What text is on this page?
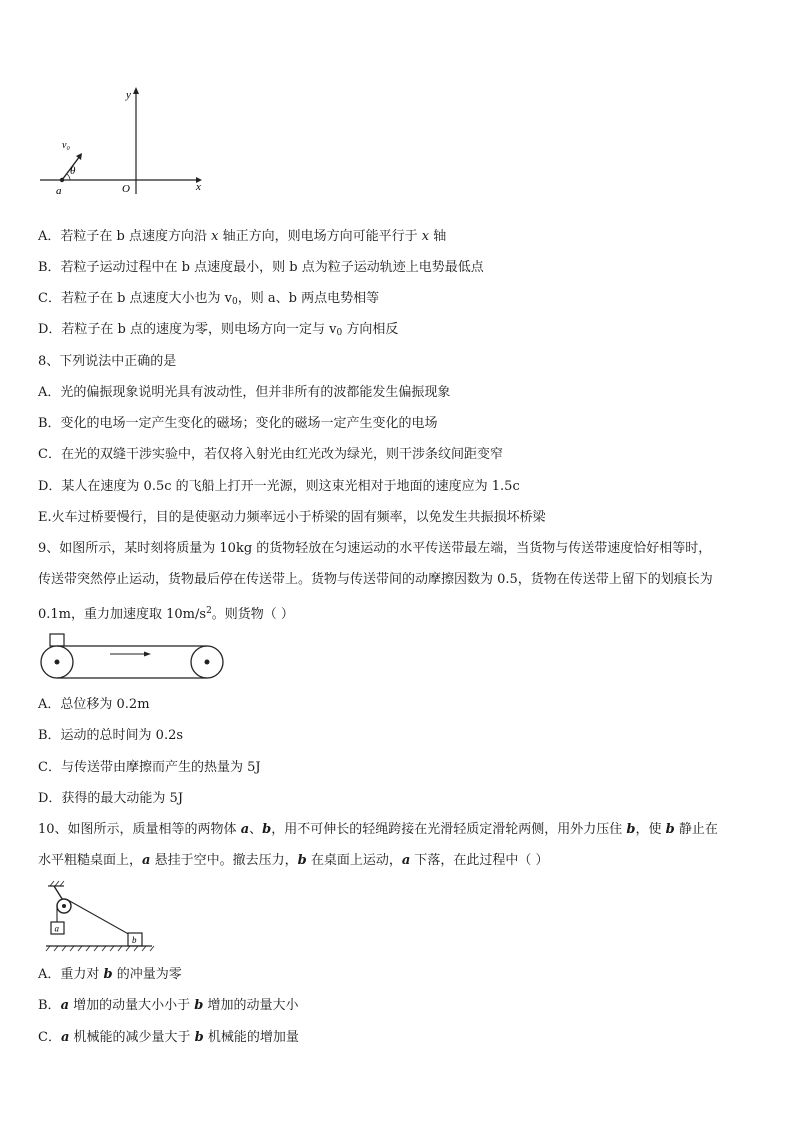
y
x
O
a
θ
v₀
A．若粒子在 b 点速度方向沿 x 轴正方向，则电场方向可能平行于 x 轴
B．若粒子运动过程中在 b 点速度最小，则 b 点为粒子运动轨迹上电势最低点
C．若粒子在 b 点速度大小也为 $v_0$，则 a、b 两点电势相等
D．若粒子在 b 点的速度为零，则电场方向一定与 $v_0$ 方向相反
8、下列说法中正确的是
A．光的偏振现象说明光具有波动性，但并非所有的波都能发生偏振现象
B．变化的电场一定产生变化的磁场；变化的磁场一定产生变化的电场
C．在光的双缝干涉实验中，若仅将入射光由红光改为绿光，则干涉条纹间距变窄
D．某人在速度为 0.5c 的飞船上打开一光源，则这束光相对于地面的速度应为 1.5c
E.火车过桥要慢行，目的是使驱动力频率远小于桥梁的固有频率，以免发生共振损坏桥梁
9、如图所示，某时刻将质量为 10kg 的货物轻放在匀速运动的水平传送带最左端，当货物与传送带速度恰好相等时，
传送带突然停止运动，货物最后停在传送带上。货物与传送带间的动摩擦因数为 0.5，货物在传送带上留下的划痕长为
0.1m，重力加速度取 $10m/s^2$。则货物（ ）
A．总位移为 0.2m
B．运动的总时间为 0.2s
C．与传送带由摩擦而产生的热量为 5J
D．获得的最大动能为 5J
10、如图所示，质量相等的两物体 a、b，用不可伸长的轻绳跨接在光滑轻质定滑轮两侧，用外力压住 b，使 b 静止在
水平粗糙桌面上，a 悬挂于空中。撤去压力，b 在桌面上运动，a 下落，在此过程中（ ）
a
b
A．重力对 b 的冲量为零
B．a 增加的动量大小小于 b 增加的动量大小
C．a 机械能的减少量大于 b 机械能的增加量
